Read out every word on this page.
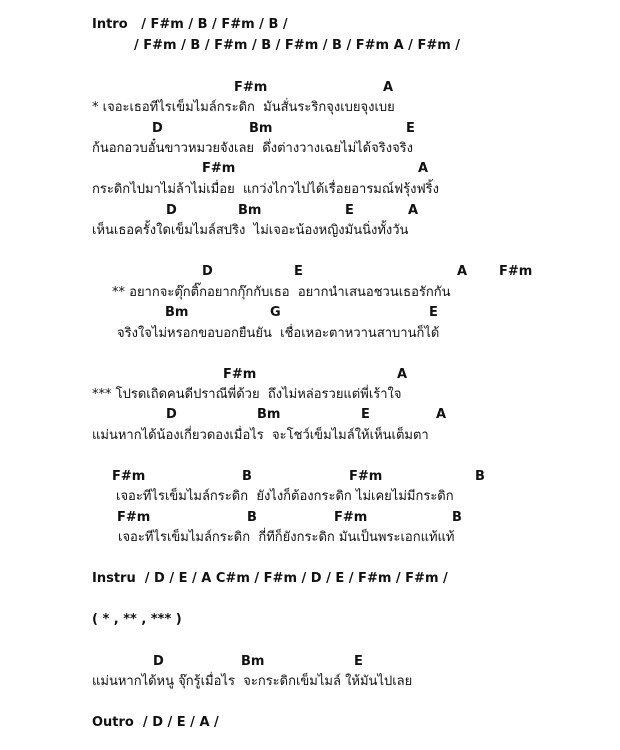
Intro   / F#m / B / F#m / B /
/ F#m / B / F#m / B / F#m / B / F#m A / F#m /
F#m	A
* เจอะเธอทีไรเข็มไมล์กระดิก  มันสั่นระริกจุงเบยจุงเบย
D	Bm	E
ก้นอกอวบอั๋นขาวหมวยจังเลย  ดึ่งต่างวางเฉยไม่ได้จริงจริง
F#m	A
กระดิกไปมาไม่ล้าไม่เมื่อย  แกว่งไกวไปได้เรื่อยอารมณ์ฟรุ้งฟริ้ง
D	Bm	E	A
เห็นเธอครั้งใดเข็มไมล์สปริง  ไม่เจอะน้องหญิงมันนิ่งทั้งวัน
D	E	A F#m
** อยากจะตุ๊กติ๊กอยากกุ๊กกับเธอ  อยากนำเสนอชวนเธอรักกัน
Bm	G	E
จริงใจไม่หรอกขอบอกยืนยัน  เชื่อเหอะตาหวานสาบานก็ได้
F#m	A
*** โปรดเถิดคนดีปราณีพี่ด้วย  ถึงไม่หล่อรวยแต่พี่เร้าใจ
D	Bm	E	A
แม่นหากได้น้องเกี่ยวดองเมื่อไร  จะโชว์เข็มไมล์ให้เห็นเต็มตา
F#m	B	F#m	B
เจอะทีไรเข็มไมล์กระดิก  ยังไงก็ต้องกระดิก ไม่เคยไม่มีกระดิก
F#m	B	F#m	B
เจอะทีไรเข็มไมล์กระดิก  กี่ทีก็ยังกระดิก มันเป็นพระเอกแท้แท้
Instru  / D / E / A C#m / F#m / D / E / F#m / F#m /
( * , ** , *** )
D	Bm	E
แม่นหากได้หนู จุ๊กรู้เมื่อไร  จะกระดิกเข็มไมล์ ให้มันไปเลย
Outro  / D / E / A /
